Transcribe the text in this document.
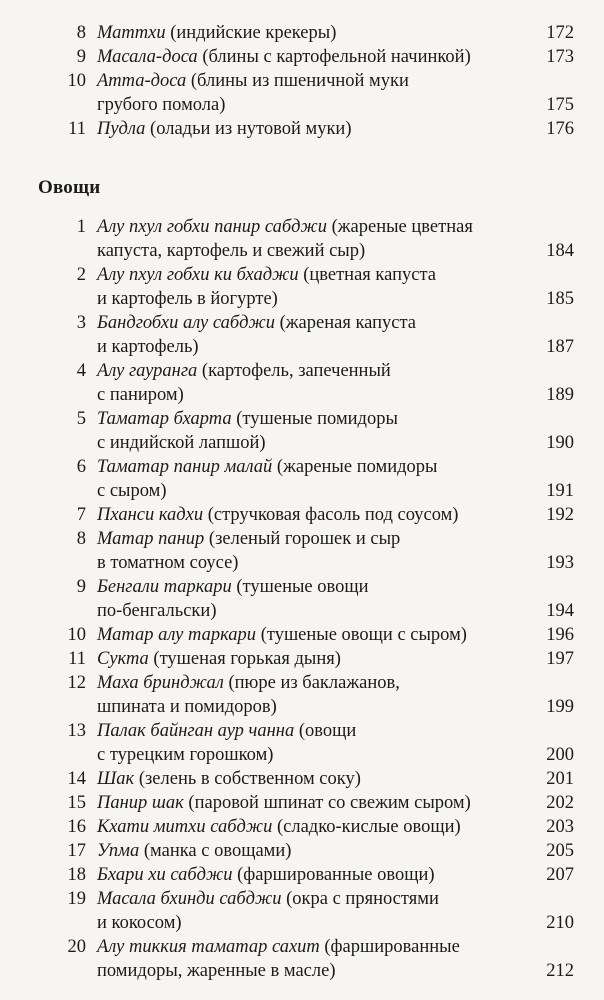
8 Маттхи (индийские крекеры)	172
9 Масала-доса (блины с картофельной начинкой)	173
10 Атта-доса (блины из пшеничной муки
грубого помола)	175
11 Пудла (оладьи из нутовой муки)	176
Овощи
1 Алу пхул гобхи панир сабджи (жареные цветная
капуста, картофель и свежий сыр)	184
2 Алу пхул гобхи ки бхаджи (цветная капуста
и картофель в йогурте)	185
3 Бандгобхи алу сабджи (жареная капуста
и картофель)	187
4 Алу гауранга (картофель, запеченный
с паниром)	189
5 Таматар бхарта (тушеные помидоры
с индийской лапшой)	190
6 Таматар панир малай (жареные помидоры
с сыром)	191
7 Пханси кадхи (стручковая фасоль под соусом)	192
8 Матар панир (зеленый горошек и сыр
в томатном соусе)	193
9 Бенгали таркари (тушеные овощи
по-бенгальски)	194
10 Матар алу таркари (тушеные овощи с сыром)	196
11 Сукта (тушеная горькая дыня)	197
12 Маха бринджал (пюре из баклажанов,
шпината и помидоров)	199
13 Палак байнган аур чанна (овощи
с турецким горошком)	200
14 Шак (зелень в собственном соку)	201
15 Панир шак (паровой шпинат со свежим сыром)	202
16 Кхати митхи сабджи (сладко-кислые овощи)	203
17 Упма (манка с овощами)	205
18 Бхари хи сабджи (фаршированные овощи)	207
19 Масала бхинди сабджи (окра с пряностями
и кокосом)	210
20 Алу тиккия таматар сахит (фаршированные
помидоры, жаренные в масле)	212
